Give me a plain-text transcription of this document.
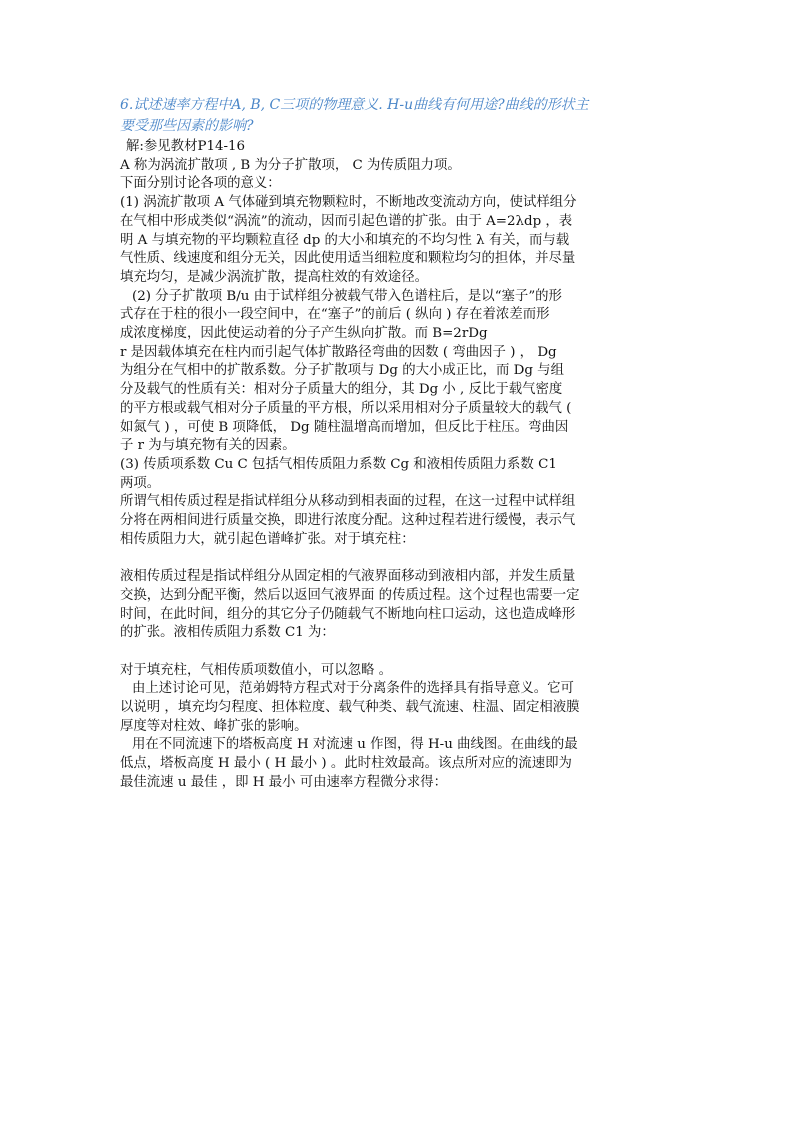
6.试述速率方程中A, B, C三项的物理意义. H-u曲线有何用途?曲线的形状主

要受那些因素的影响?

解:参见教材P14-16

A 称为涡流扩散项 , B 为分子扩散项， C 为传质阻力项。

下面分别讨论各项的意义：

(1) 涡流扩散项 A 气体碰到填充物颗粒时，不断地改变流动方向，使试样组分

在气相中形成类似“涡流”的流动，因而引起色谱的扩张。由于 A=2λdp ，表

明 A 与填充物的平均颗粒直径 dp 的大小和填充的不均匀性 λ 有关，而与载

气性质、线速度和组分无关，因此使用适当细粒度和颗粒均匀的担体，并尽量

填充均匀，是减少涡流扩散，提高柱效的有效途径。

(2) 分子扩散项 B/u 由于试样组分被载气带入色谱柱后，是以“塞子”的形

式存在于柱的很小一段空间中，在“塞子”的前后 ( 纵向 ) 存在着浓差而形

成浓度梯度，因此使运动着的分子产生纵向扩散。而 B=2rDg

r 是因载体填充在柱内而引起气体扩散路径弯曲的因数 ( 弯曲因子 ) ， Dg

为组分在气相中的扩散系数。分子扩散项与 Dg 的大小成正比，而 Dg 与组

分及载气的性质有关：相对分子质量大的组分，其 Dg 小 , 反比于载气密度

的平方根或载气相对分子质量的平方根，所以采用相对分子质量较大的载气 (

如氮气 ) ，可使 B 项降低， Dg 随柱温增高而增加，但反比于柱压。弯曲因

子 r 为与填充物有关的因素。

(3) 传质项系数 Cu C 包括气相传质阻力系数 Cg 和液相传质阻力系数 C1

两项。

所谓气相传质过程是指试样组分从移动到相表面的过程，在这一过程中试样组

分将在两相间进行质量交换，即进行浓度分配。这种过程若进行缓慢，表示气

相传质阻力大，就引起色谱峰扩张。对于填充柱：

液相传质过程是指试样组分从固定相的气液界面移动到液相内部，并发生质量

交换，达到分配平衡，然后以返回气液界面 的传质过程。这个过程也需要一定

时间，在此时间，组分的其它分子仍随载气不断地向柱口运动，这也造成峰形

的扩张。液相传质阻力系数 C1 为：

对于填充柱，气相传质项数值小，可以忽略 。

由上述讨论可见，范弟姆特方程式对于分离条件的选择具有指导意义。它可

以说明 ，填充均匀程度、担体粒度、载气种类、载气流速、柱温、固定相液膜

厚度等对柱效、峰扩张的影响。

用在不同流速下的塔板高度 H 对流速 u 作图，得 H-u 曲线图。在曲线的最

低点，塔板高度 H 最小 ( H 最小 ) 。此时柱效最高。该点所对应的流速即为

最佳流速 u 最佳 ，即 H 最小 可由速率方程微分求得：
